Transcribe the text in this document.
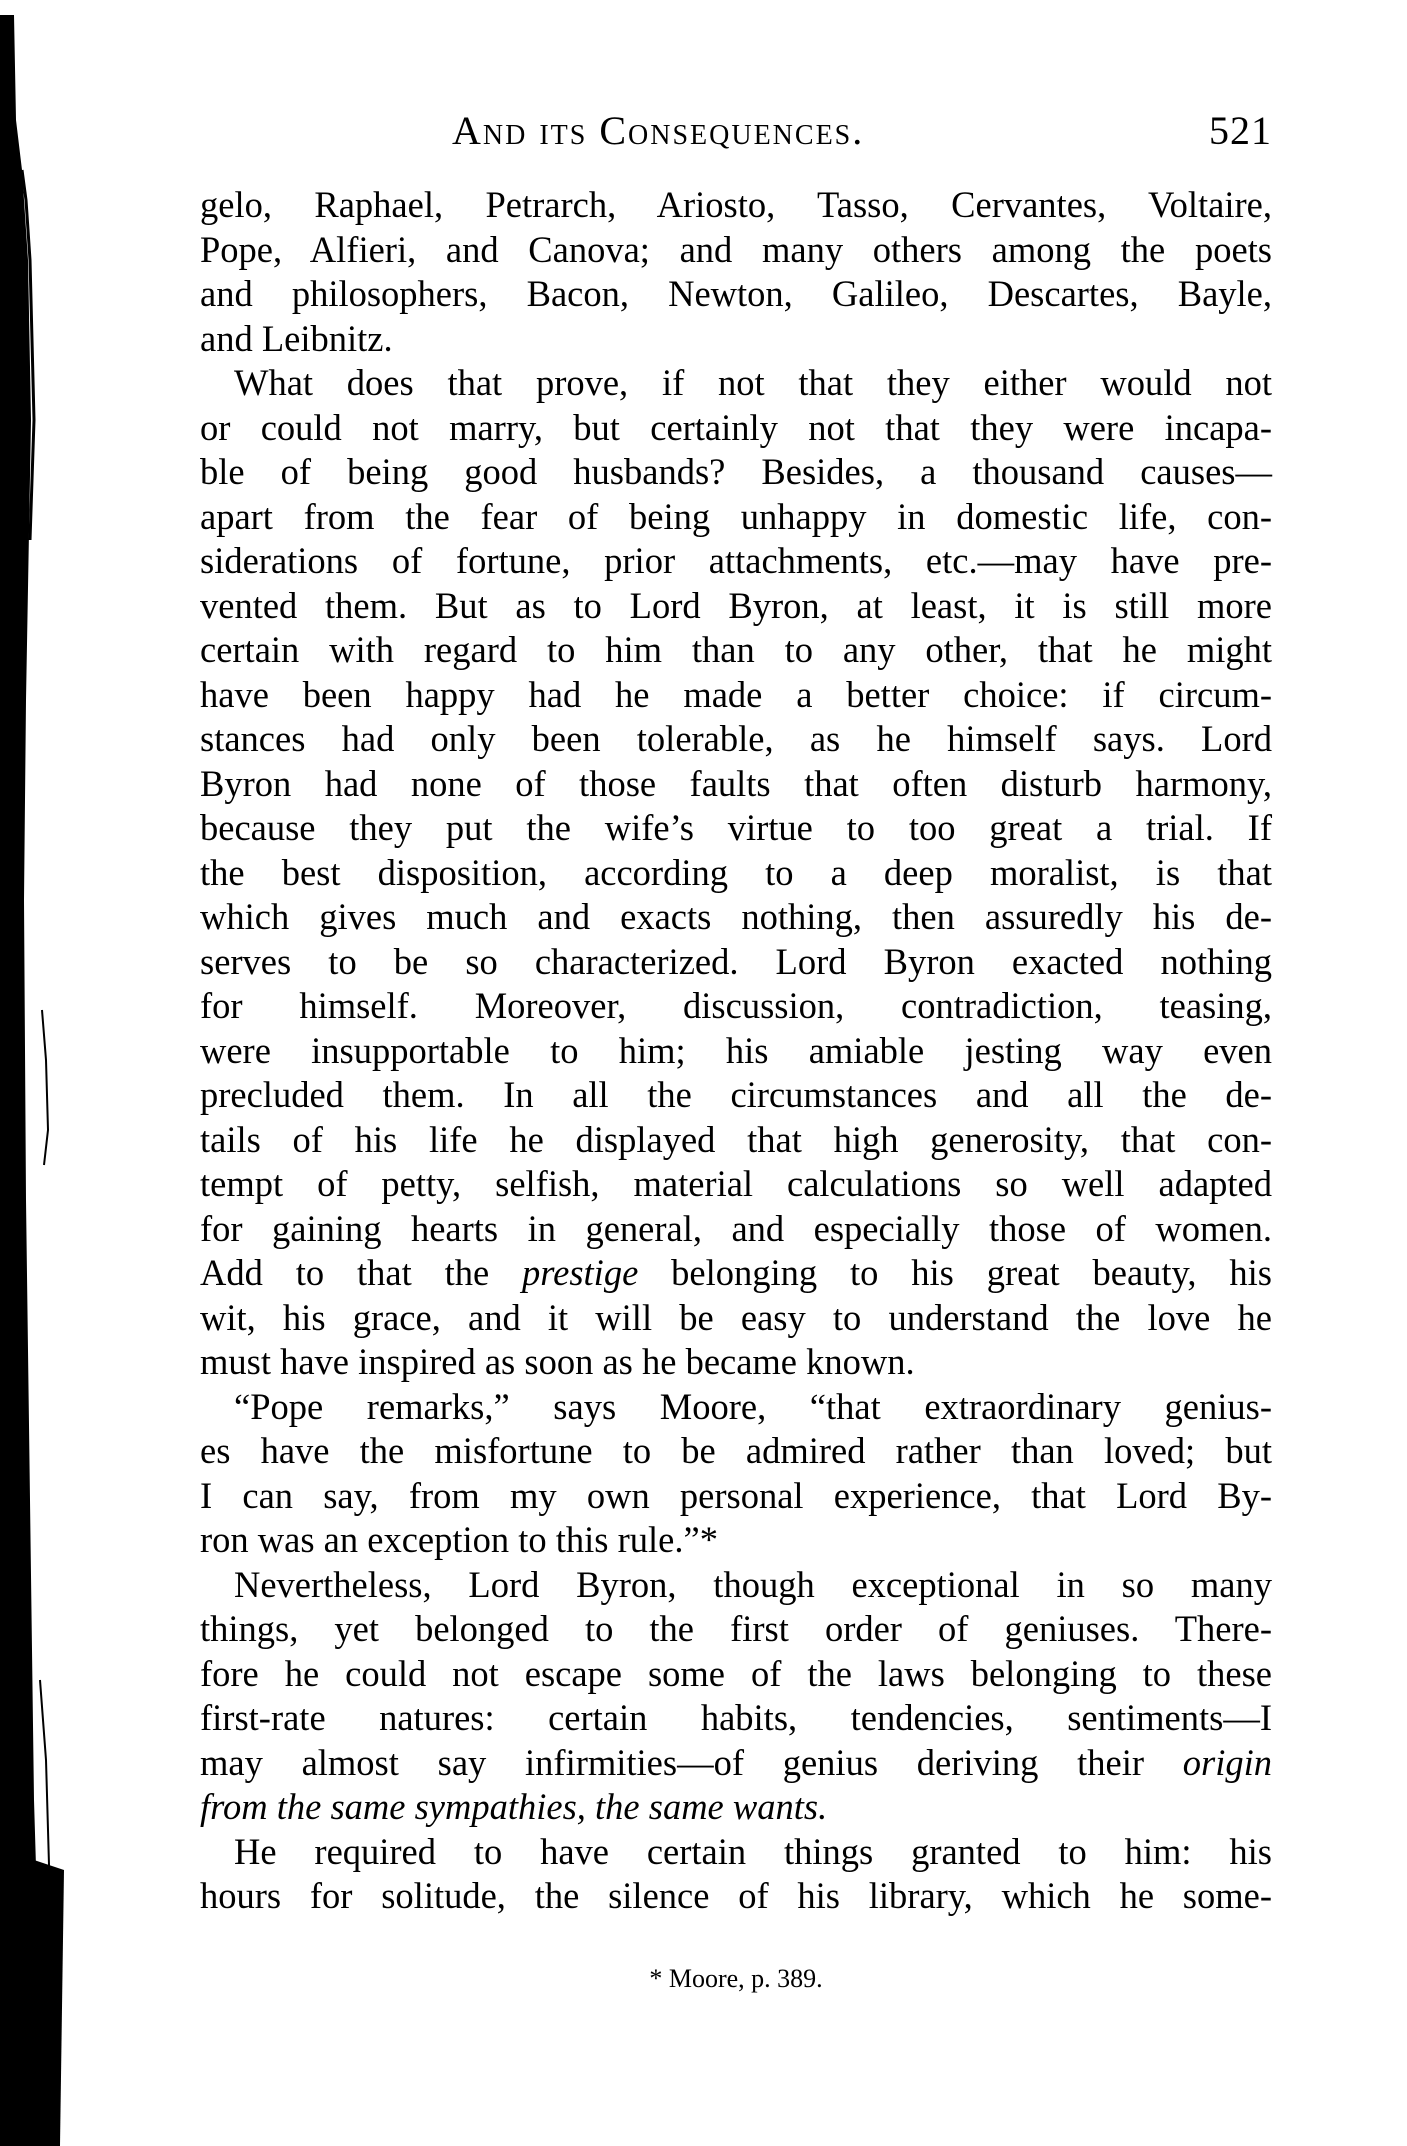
And its Consequences.	521
gelo, Raphael, Petrarch, Ariosto, Tasso, Cervantes, Voltaire,
Pope, Alfieri, and Canova; and many others among the poets
and philosophers, Bacon, Newton, Galileo, Descartes, Bayle,
and Leibnitz.
What does that prove, if not that they either would not
or could not marry, but certainly not that they were incapa-
ble of being good husbands? Besides, a thousand causes—
apart from the fear of being unhappy in domestic life, con-
siderations of fortune, prior attachments, etc.—may have pre-
vented them. But as to Lord Byron, at least, it is still more
certain with regard to him than to any other, that he might
have been happy had he made a better choice: if circum-
stances had only been tolerable, as he himself says. Lord
Byron had none of those faults that often disturb harmony,
because they put the wife’s virtue to too great a trial. If
the best disposition, according to a deep moralist, is that
which gives much and exacts nothing, then assuredly his de-
serves to be so characterized. Lord Byron exacted nothing
for himself. Moreover, discussion, contradiction, teasing,
were insupportable to him; his amiable jesting way even
precluded them. In all the circumstances and all the de-
tails of his life he displayed that high generosity, that con-
tempt of petty, selfish, material calculations so well adapted
for gaining hearts in general, and especially those of women.
Add to that the prestige belonging to his great beauty, his
wit, his grace, and it will be easy to understand the love he
must have inspired as soon as he became known.
“Pope remarks,” says Moore, “that extraordinary genius-
es have the misfortune to be admired rather than loved; but
I can say, from my own personal experience, that Lord By-
ron was an exception to this rule.”*
Nevertheless, Lord Byron, though exceptional in so many
things, yet belonged to the first order of geniuses. There-
fore he could not escape some of the laws belonging to these
first-rate natures: certain habits, tendencies, sentiments—I
may almost say infirmities—of genius deriving their origin
from the same sympathies, the same wants.
He required to have certain things granted to him: his
hours for solitude, the silence of his library, which he some-
* Moore, p. 389.
